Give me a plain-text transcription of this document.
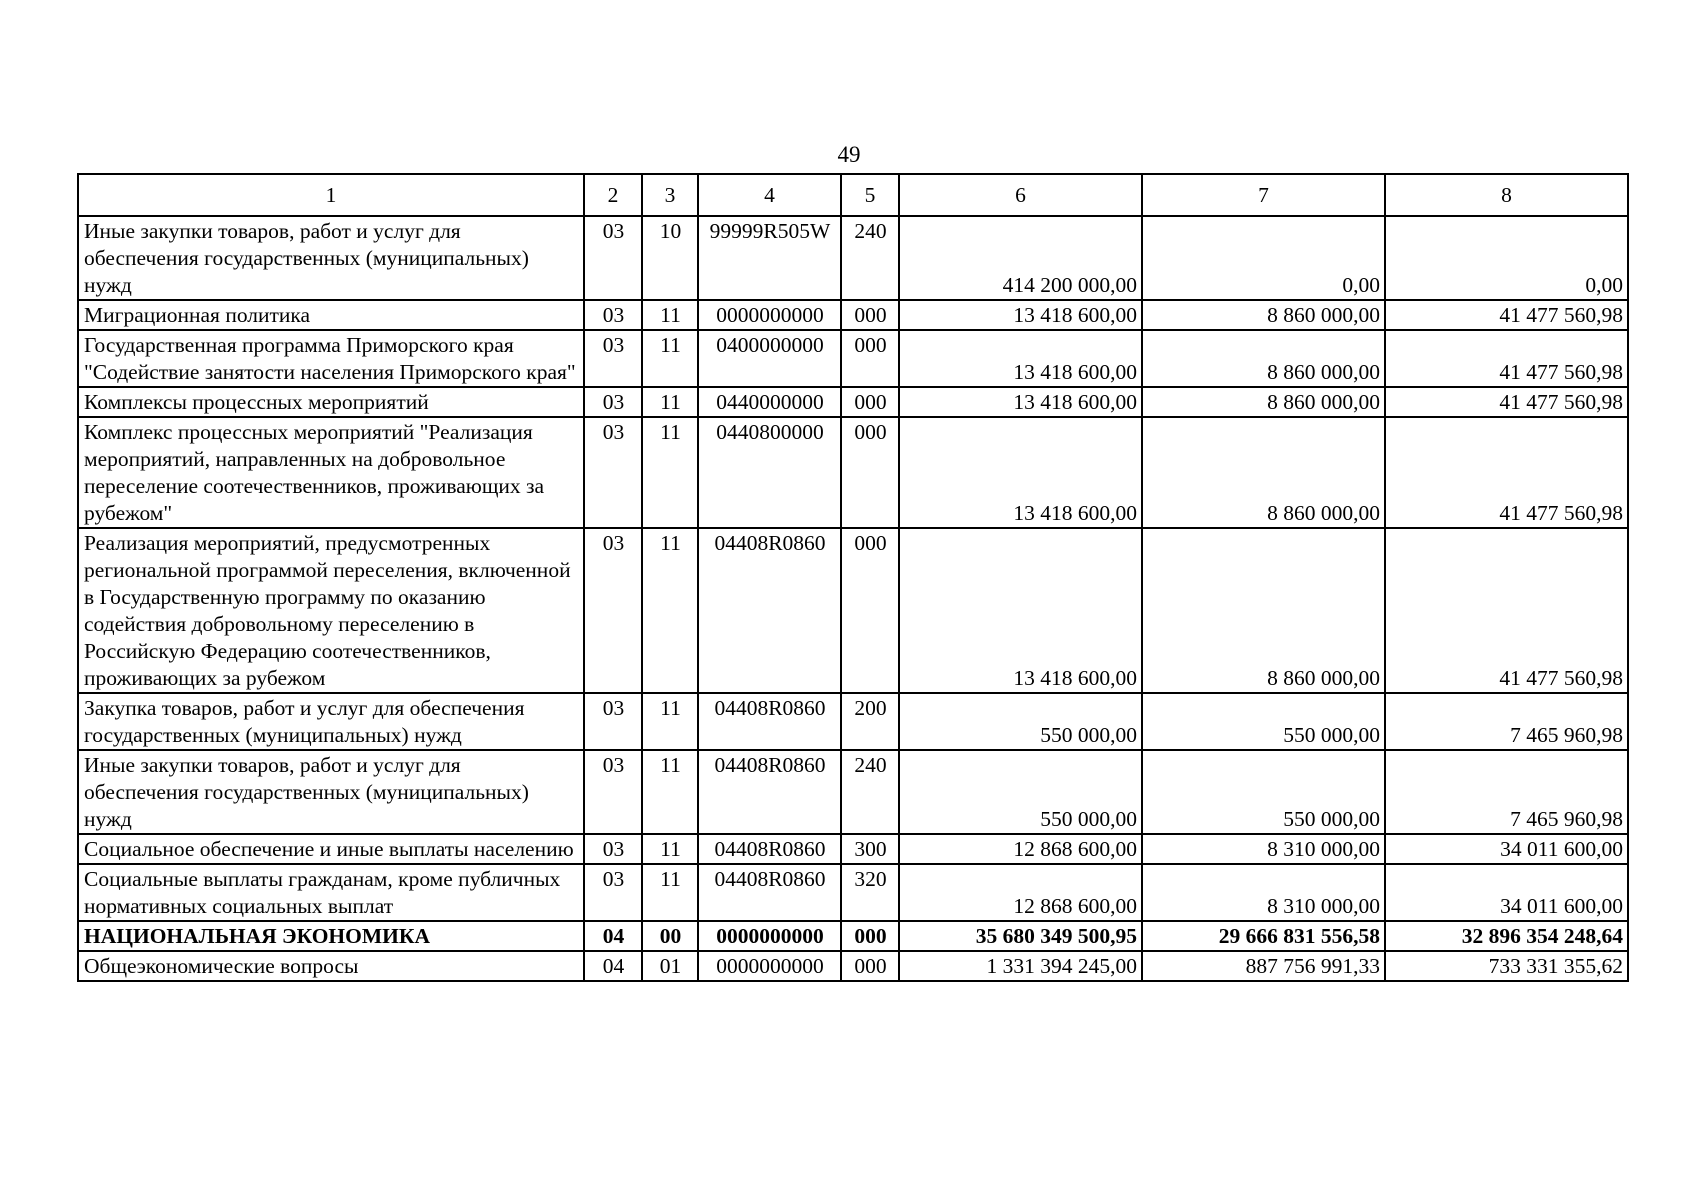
49
1	2	3	4	5	6	7	8
Иные закупки товаров, работ и услуг для обеспечения государственных (муниципальных) нужд	03	10	99999R505W	240	414 200 000,00	0,00	0,00
Миграционная политика	03	11	0000000000	000	13 418 600,00	8 860 000,00	41 477 560,98
Государственная программа Приморского края "Содействие занятости населения Приморского края"	03	11	0400000000	000	13 418 600,00	8 860 000,00	41 477 560,98
Комплексы процессных мероприятий	03	11	0440000000	000	13 418 600,00	8 860 000,00	41 477 560,98
Комплекс процессных мероприятий "Реализация мероприятий, направленных на добровольное переселение соотечественников, проживающих за рубежом"	03	11	0440800000	000	13 418 600,00	8 860 000,00	41 477 560,98
Реализация мероприятий, предусмотренных региональной программой переселения, включенной в Государственную программу по оказанию содействия добровольному переселению в Российскую Федерацию соотечественников, проживающих за рубежом	03	11	04408R0860	000	13 418 600,00	8 860 000,00	41 477 560,98
Закупка товаров, работ и услуг для обеспечения государственных (муниципальных) нужд	03	11	04408R0860	200	550 000,00	550 000,00	7 465 960,98
Иные закупки товаров, работ и услуг для обеспечения государственных (муниципальных) нужд	03	11	04408R0860	240	550 000,00	550 000,00	7 465 960,98
Социальное обеспечение и иные выплаты населению	03	11	04408R0860	300	12 868 600,00	8 310 000,00	34 011 600,00
Социальные выплаты гражданам, кроме публичных нормативных социальных выплат	03	11	04408R0860	320	12 868 600,00	8 310 000,00	34 011 600,00
НАЦИОНАЛЬНАЯ ЭКОНОМИКА	04	00	0000000000	000	35 680 349 500,95	29 666 831 556,58	32 896 354 248,64
Общеэкономические вопросы	04	01	0000000000	000	1 331 394 245,00	887 756 991,33	733 331 355,62
